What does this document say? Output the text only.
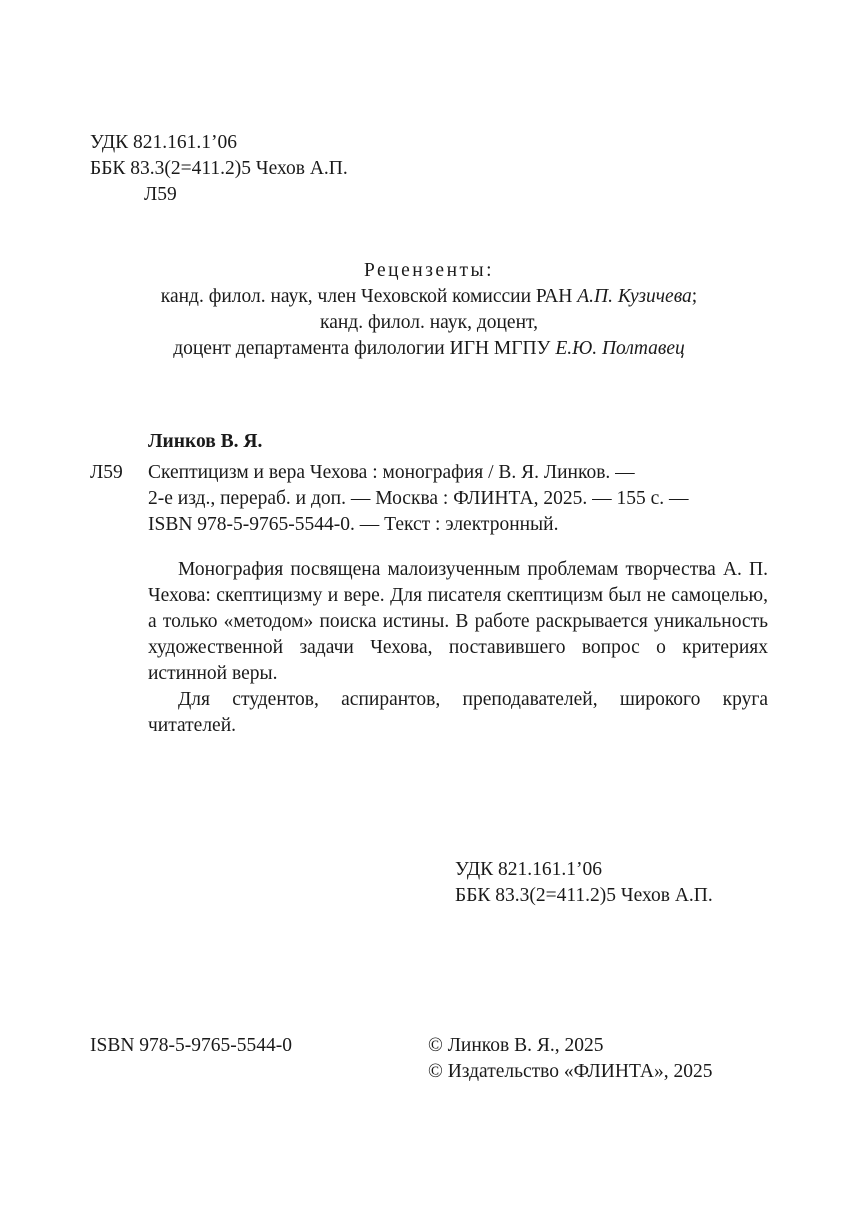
УДК 821.161.1’06
ББК 83.3(2=411.2)5 Чехов А.П.
Л59
Рецензенты:
канд. филол. наук, член Чеховской комиссии РАН А.П. Кузичева;
канд. филол. наук, доцент,
доцент департамента филологии ИГН МГПУ Е.Ю. Полтавец
Линков В. Я.
Л59 Скептицизм и вера Чехова : монография / В. Я. Линков. —
2-е изд., перераб. и доп. — Москва : ФЛИНТА, 2025. — 155 с. —
ISBN 978-5-9765-5544-0. — Текст : электронный.

Монография посвящена малоизученным проблемам творчества А. П. Чехова: скептицизму и вере. Для писателя скептицизм был не самоцелью, а только «методом» поиска истины. В работе раскрывается уникальность художественной задачи Чехова, поставившего вопрос о критериях истинной веры.

Для студентов, аспирантов, преподавателей, широкого круга читателей.

УДК 821.161.1’06
ББК 83.3(2=411.2)5 Чехов А.П.
ISBN 978-5-9765-5544-0	© Линков В. Я., 2025
© Издательство «ФЛИНТА», 2025
